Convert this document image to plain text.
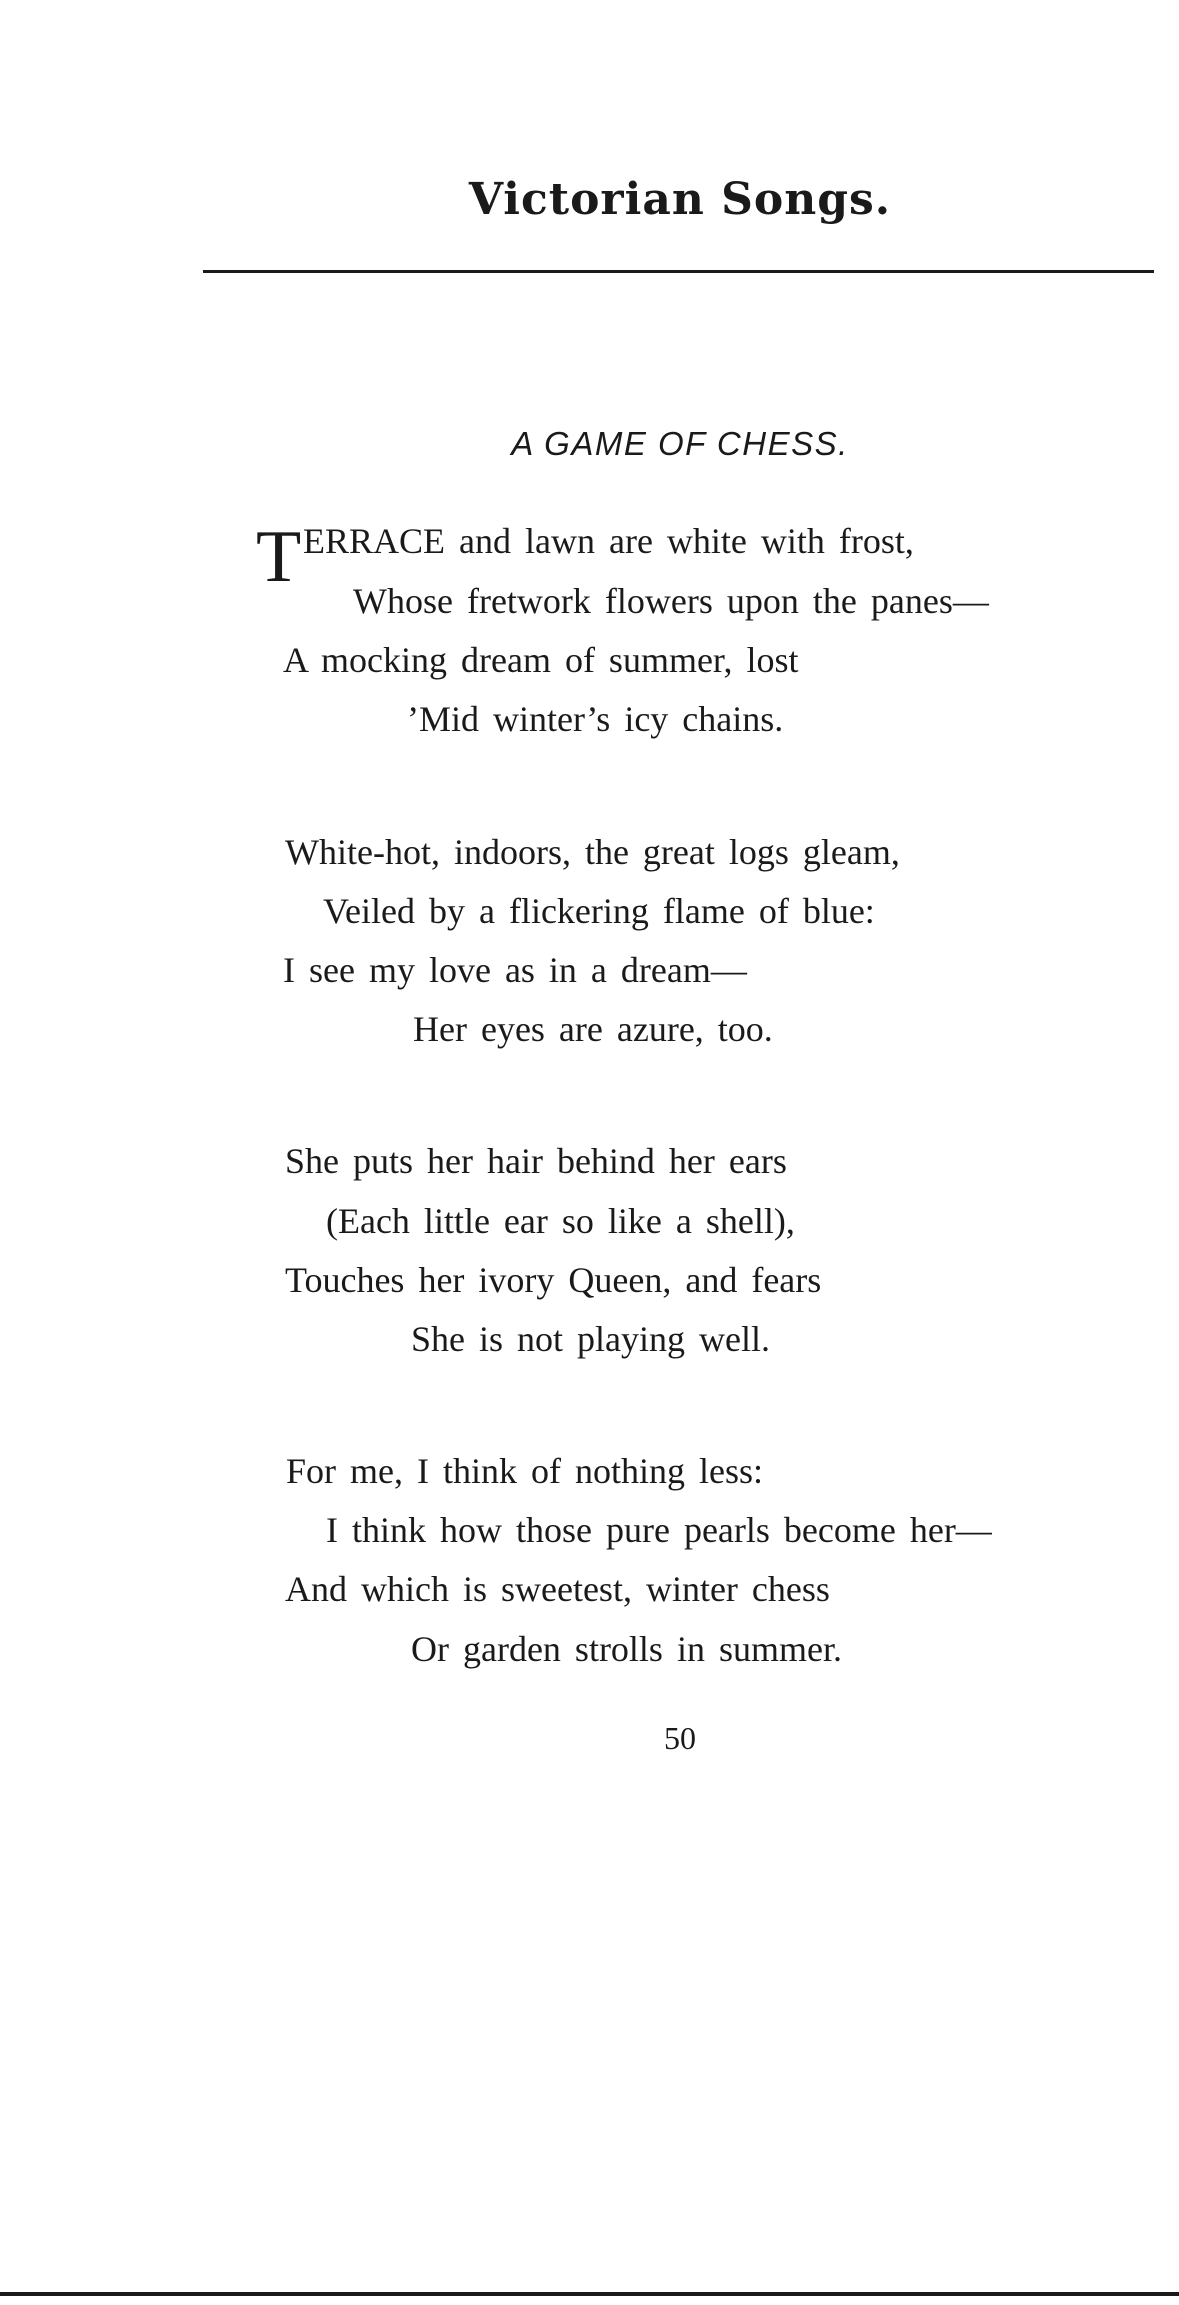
Victorian Songs.
A GAME OF CHESS.
T ERRACE and lawn are white with frost,
Whose fretwork flowers upon the panes—
A mocking dream of summer, lost
’Mid winter’s icy chains.
White-hot, indoors, the great logs gleam,
Veiled by a flickering flame of blue:
I see my love as in a dream—
Her eyes are azure, too.
She puts her hair behind her ears
(Each little ear so like a shell),
Touches her ivory Queen, and fears
She is not playing well.
For me, I think of nothing less:
I think how those pure pearls become her—
And which is sweetest, winter chess
Or garden strolls in summer.
50
